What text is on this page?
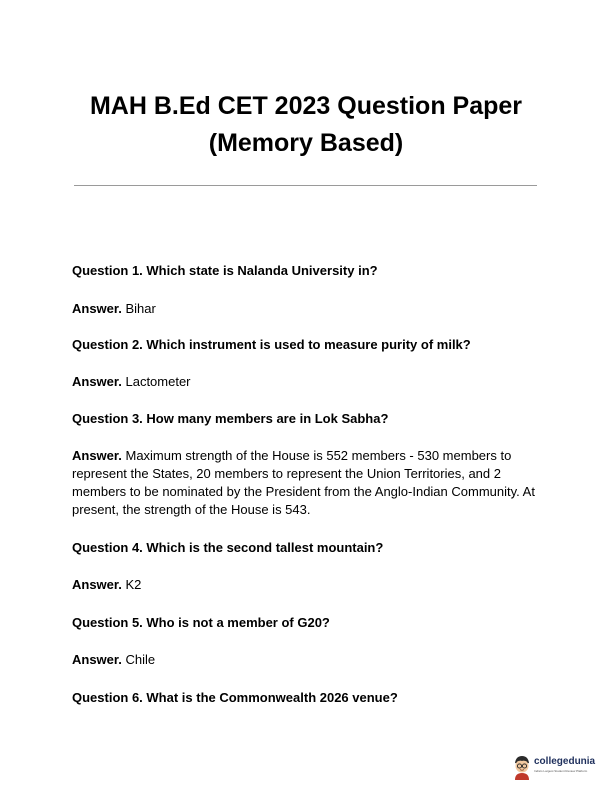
MAH B.Ed CET 2023 Question Paper
(Memory Based)

Question 1. Which state is Nalanda University in?

Answer. Bihar

Question 2. Which instrument is used to measure purity of milk?

Answer. Lactometer

Question 3. How many members are in Lok Sabha?

Answer. Maximum strength of the House is 552 members - 530 members to represent the States, 20 members to represent the Union Territories, and 2 members to be nominated by the President from the Anglo-Indian Community. At present, the strength of the House is 543.

Question 4. Which is the second tallest mountain?

Answer. K2

Question 5. Who is not a member of G20?

Answer. Chile

Question 6. What is the Commonwealth 2026 venue?

collegedunia
India's Largest Student Review Platform
